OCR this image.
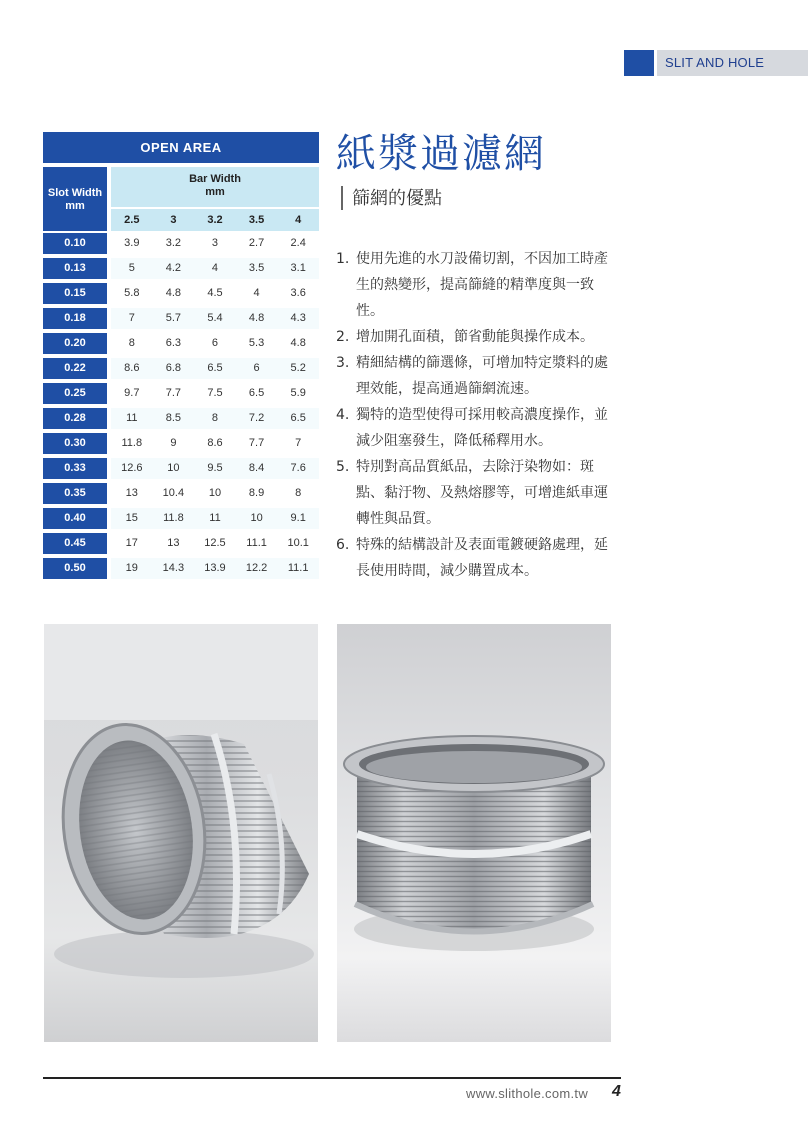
SLIT AND HOLE
OPEN AREA
Slot Width
mm
Bar Width
mm
2.5	3	3.2	3.5	4
0.10	3.9	3.2	3	2.7	2.4
0.13	5	4.2	4	3.5	3.1
0.15	5.8	4.8	4.5	4	3.6
0.18	7	5.7	5.4	4.8	4.3
0.20	8	6.3	6	5.3	4.8
0.22	8.6	6.8	6.5	6	5.2
0.25	9.7	7.7	7.5	6.5	5.9
0.28	11	8.5	8	7.2	6.5
0.30	11.8	9	8.6	7.7	7
0.33	12.6	10	9.5	8.4	7.6
0.35	13	10.4	10	8.9	8
0.40	15	11.8	11	10	9.1
0.45	17	13	12.5	11.1	10.1
0.50	19	14.3	13.9	12.2	11.1
紙漿過濾網
篩網的優點
1. 使用先進的水刀設備切割，不因加工時產生的熱變形，提高篩縫的精準度與一致性。
2. 增加開孔面積，節省動能與操作成本。
3. 精細結構的篩選條，可增加特定漿料的處理效能，提高通過篩網流速。
4. 獨特的造型使得可採用較高濃度操作，並減少阻塞發生，降低稀釋用水。
5. 特別對高品質紙品，去除汙染物如：斑點、黏汙物、及熱熔膠等，可增進紙車運轉性與品質。
6. 特殊的結構設計及表面電鍍硬鉻處理，延長使用時間，減少購置成本。
www.slithole.com.tw 4
